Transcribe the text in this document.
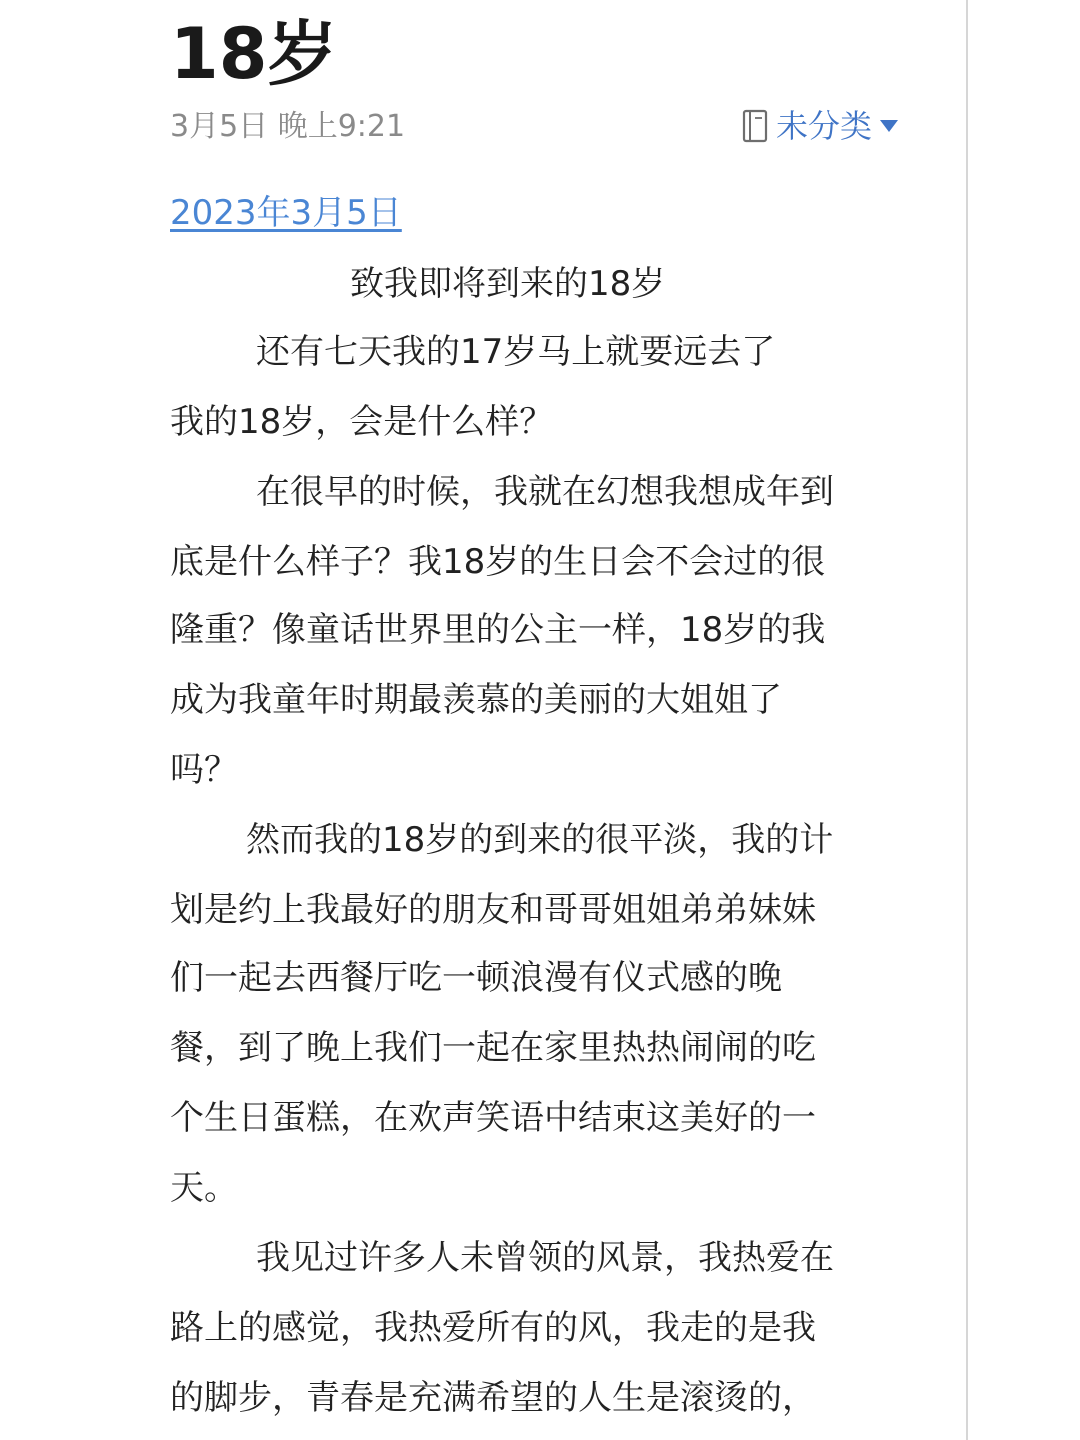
18岁
3月5日 晚上9:21	未分类
2023年3月5日
致我即将到来的18岁
还有七天我的17岁马上就要远去了
我的18岁，会是什么样？
在很早的时候，我就在幻想我想成年到
底是什么样子？我18岁的生日会不会过的很
隆重？像童话世界里的公主一样，18岁的我
成为我童年时期最羡慕的美丽的大姐姐了
吗？
然而我的18岁的到来的很平淡，我的计
划是约上我最好的朋友和哥哥姐姐弟弟妹妹
们一起去西餐厅吃一顿浪漫有仪式感的晚
餐，到了晚上我们一起在家里热热闹闹的吃
个生日蛋糕，在欢声笑语中结束这美好的一
天。
我见过许多人未曾领的风景，我热爱在
路上的感觉，我热爱所有的风，我走的是我
的脚步，青春是充满希望的人生是滚烫的，
